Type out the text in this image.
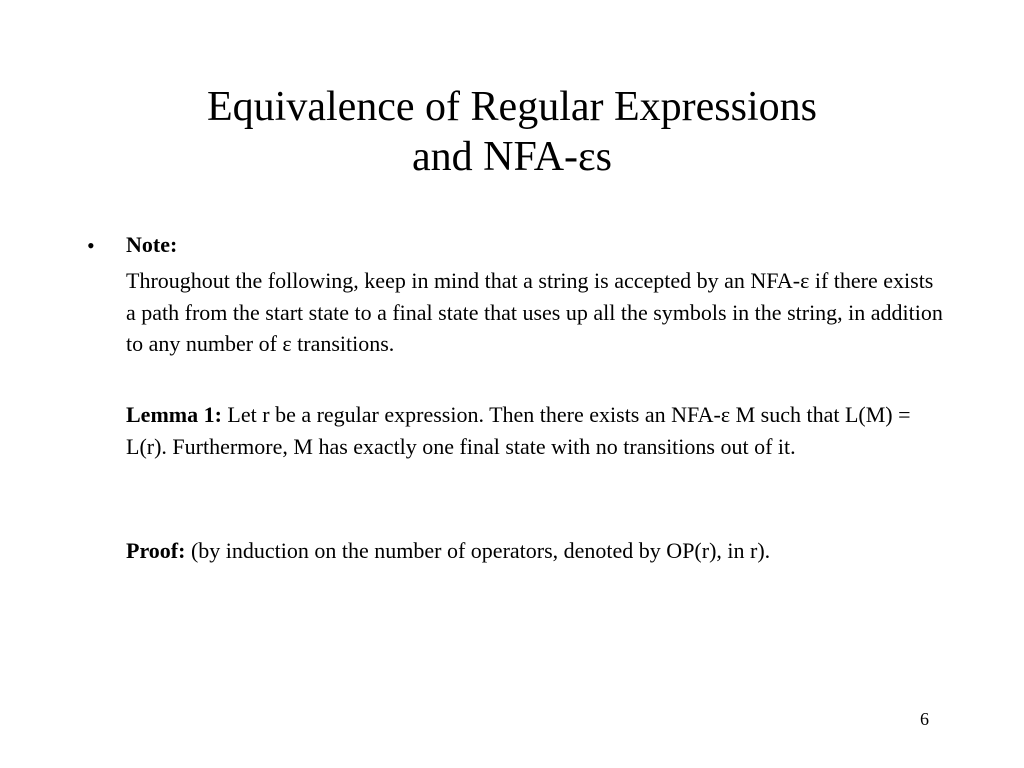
Equivalence of Regular Expressions
and NFA-εs
• Note:

Throughout the following, keep in mind that a string is accepted by an NFA-ε if there exists a path from the start state to a final state that uses up all the symbols in the string, in addition to any number of ε transitions.

Lemma 1: Let r be a regular expression. Then there exists an NFA-ε M such that L(M) = L(r). Furthermore, M has exactly one final state with no transitions out of it.

Proof: (by induction on the number of operators, denoted by OP(r), in r).

6
